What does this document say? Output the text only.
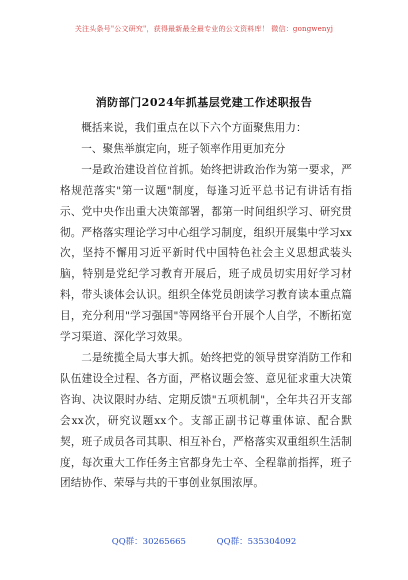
关注头条号"公文研究"，获得最新最全最专业的公文资料库！ 微信：gongwenyj
消防部门2024年抓基层党建工作述职报告

概括来说，我们重点在以下六个方面聚焦用力：

一、聚焦举旗定向，班子领率作用更加充分

一是政治建设首位首抓。始终把讲政治作为第一要求，严格规范落实"第一议题"制度，每逢习近平总书记有讲话有指示、党中央作出重大决策部署，都第一时间组织学习、研究贯彻。严格落实理论学习中心组学习制度，组织开展集中学习xx次，坚持不懈用习近平新时代中国特色社会主义思想武装头脑，特别是党纪学习教育开展后，班子成员切实用好学习材料，带头谈体会认识。组织全体党员朗读学习教育读本重点篇目，充分利用"学习强国"等网络平台开展个人自学，不断拓宽学习渠道、深化学习效果。

二是统揽全局大事大抓。始终把党的领导贯穿消防工作和队伍建设全过程、各方面，严格议题会签、意见征求重大决策咨询、决议限时办结、定期反馈"五项机制"，全年共召开支部会xx次，研究议题xx个。支部正副书记尊重体谅、配合默契，班子成员各司其职、相互补台，严格落实双重组织生活制度，每次重大工作任务主官都身先士卒、全程靠前指挥，班子团结协作、荣辱与共的干事创业氛围浓厚。

QQ群：30265665	QQ群：535304092
